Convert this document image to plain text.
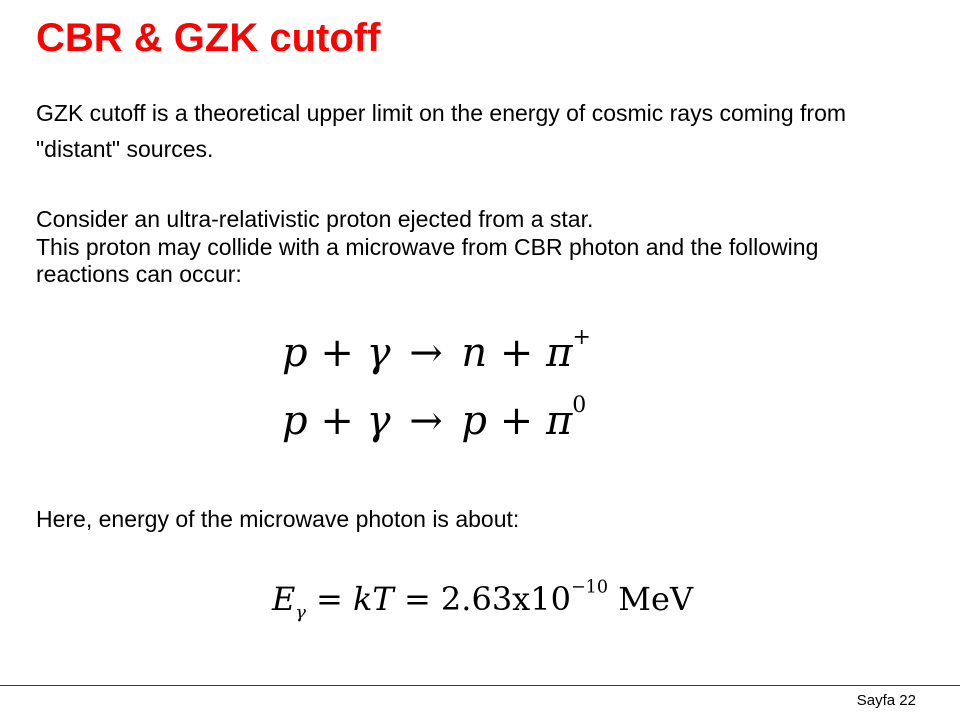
CBR & GZK cutoff
GZK cutoff is a theoretical upper limit on the energy of cosmic rays coming from "distant" sources.
Consider an ultra-relativistic proton ejected from a star.
This proton may collide with a microwave from CBR photon and the following reactions can occur:
p + γ → n + π+
$p + \gamma \to p + \pi^0$
Here, energy of the microwave photon is about:
$E_\gamma$ = kT = $2.63x10^{-10}$ MeV
Sayfa 22
